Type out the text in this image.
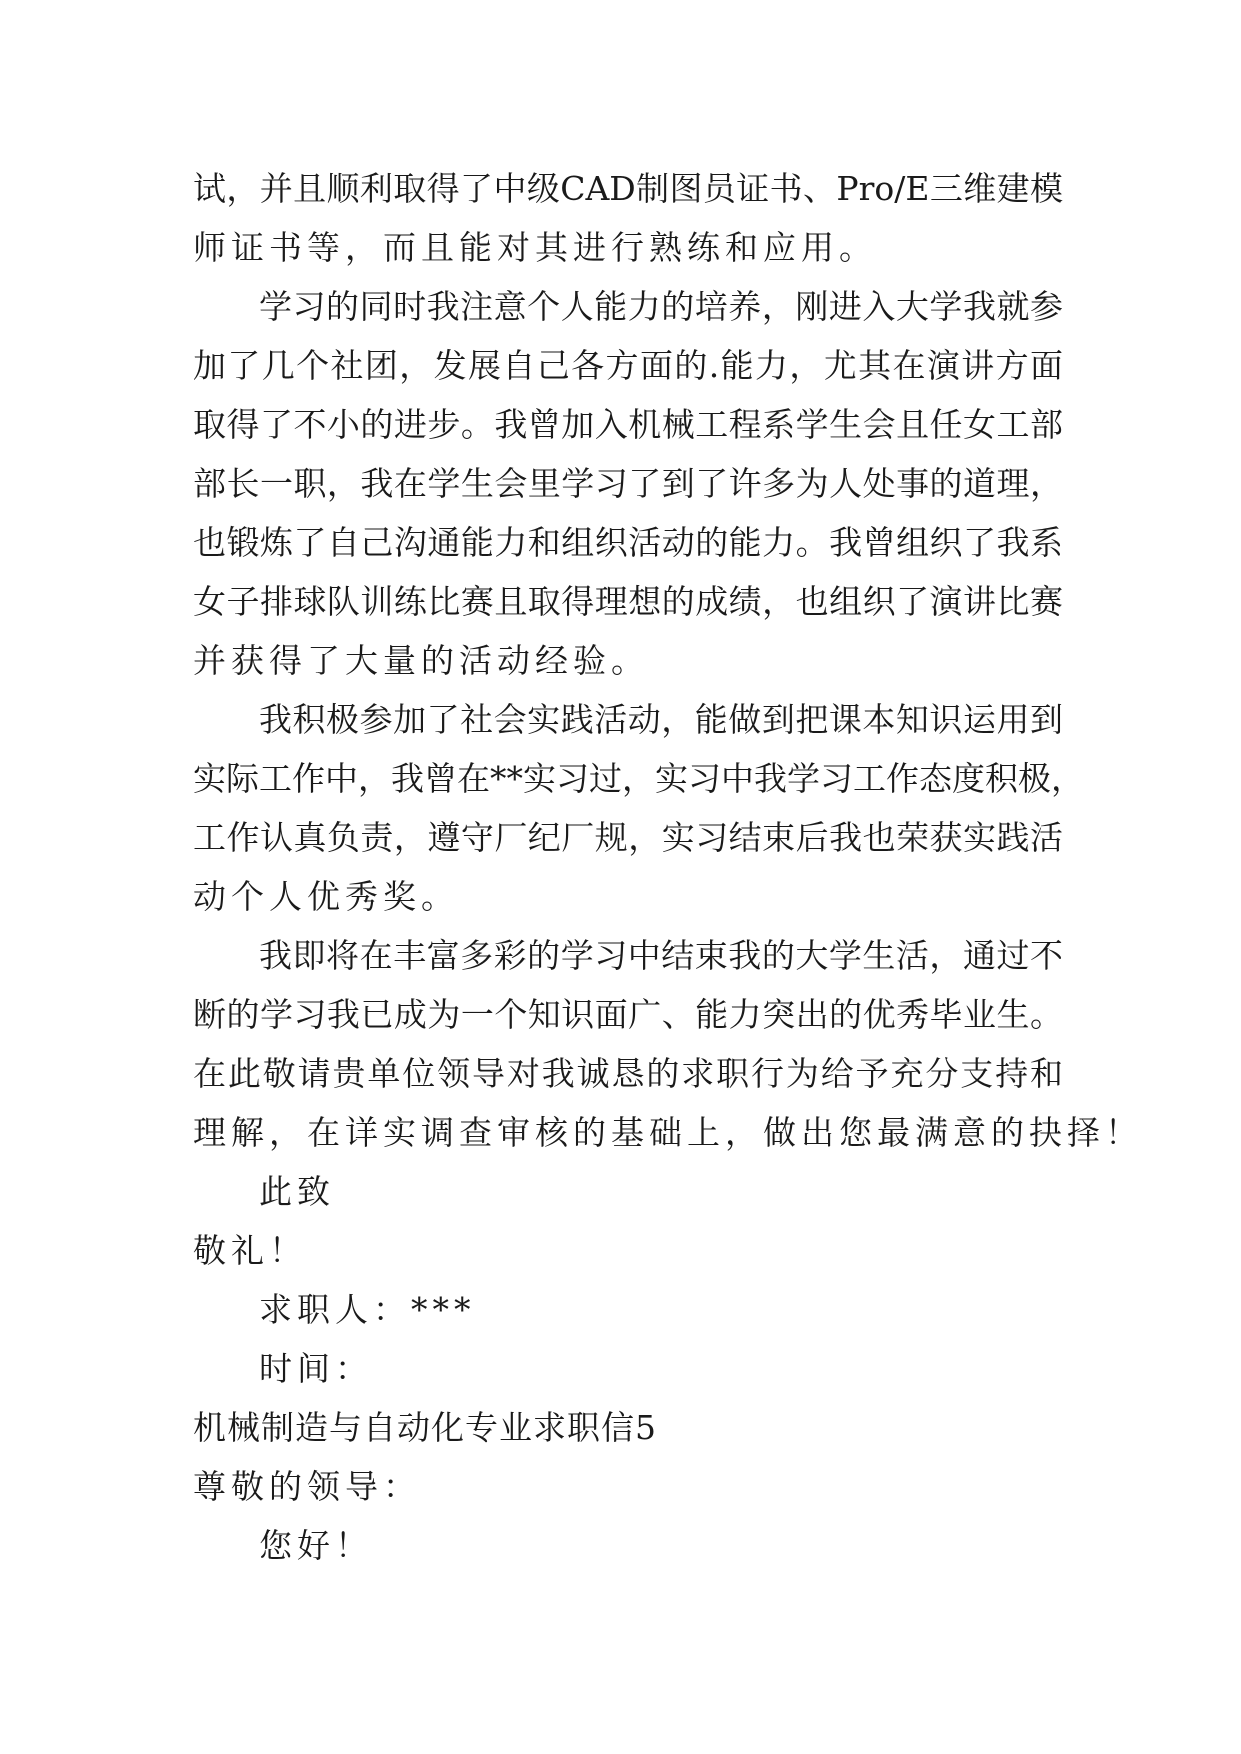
试，并且顺利取得了中级CAD制图员证书、Pro/E三维建模
师证书等，而且能对其进行熟练和应用。
学习的同时我注意个人能力的培养，刚进入大学我就参
加了几个社团，发展自己各方面的.能力，尤其在演讲方面
取得了不小的进步。我曾加入机械工程系学生会且任女工部
部长一职，我在学生会里学习了到了许多为人处事的道理，
也锻炼了自己沟通能力和组织活动的能力。我曾组织了我系
女子排球队训练比赛且取得理想的成绩，也组织了演讲比赛
并获得了大量的活动经验。
我积极参加了社会实践活动，能做到把课本知识运用到
实际工作中，我曾在**实习过，实习中我学习工作态度积极，
工作认真负责，遵守厂纪厂规，实习结束后我也荣获实践活
动个人优秀奖。
我即将在丰富多彩的学习中结束我的大学生活，通过不
断的学习我已成为一个知识面广、能力突出的优秀毕业生。
在此敬请贵单位领导对我诚恳的求职行为给予充分支持和
理解，在详实调查审核的基础上，做出您最满意的抉择！
此致
敬礼！
求职人：***
时间：
机械制造与自动化专业求职信5
尊敬的领导：
您好！
